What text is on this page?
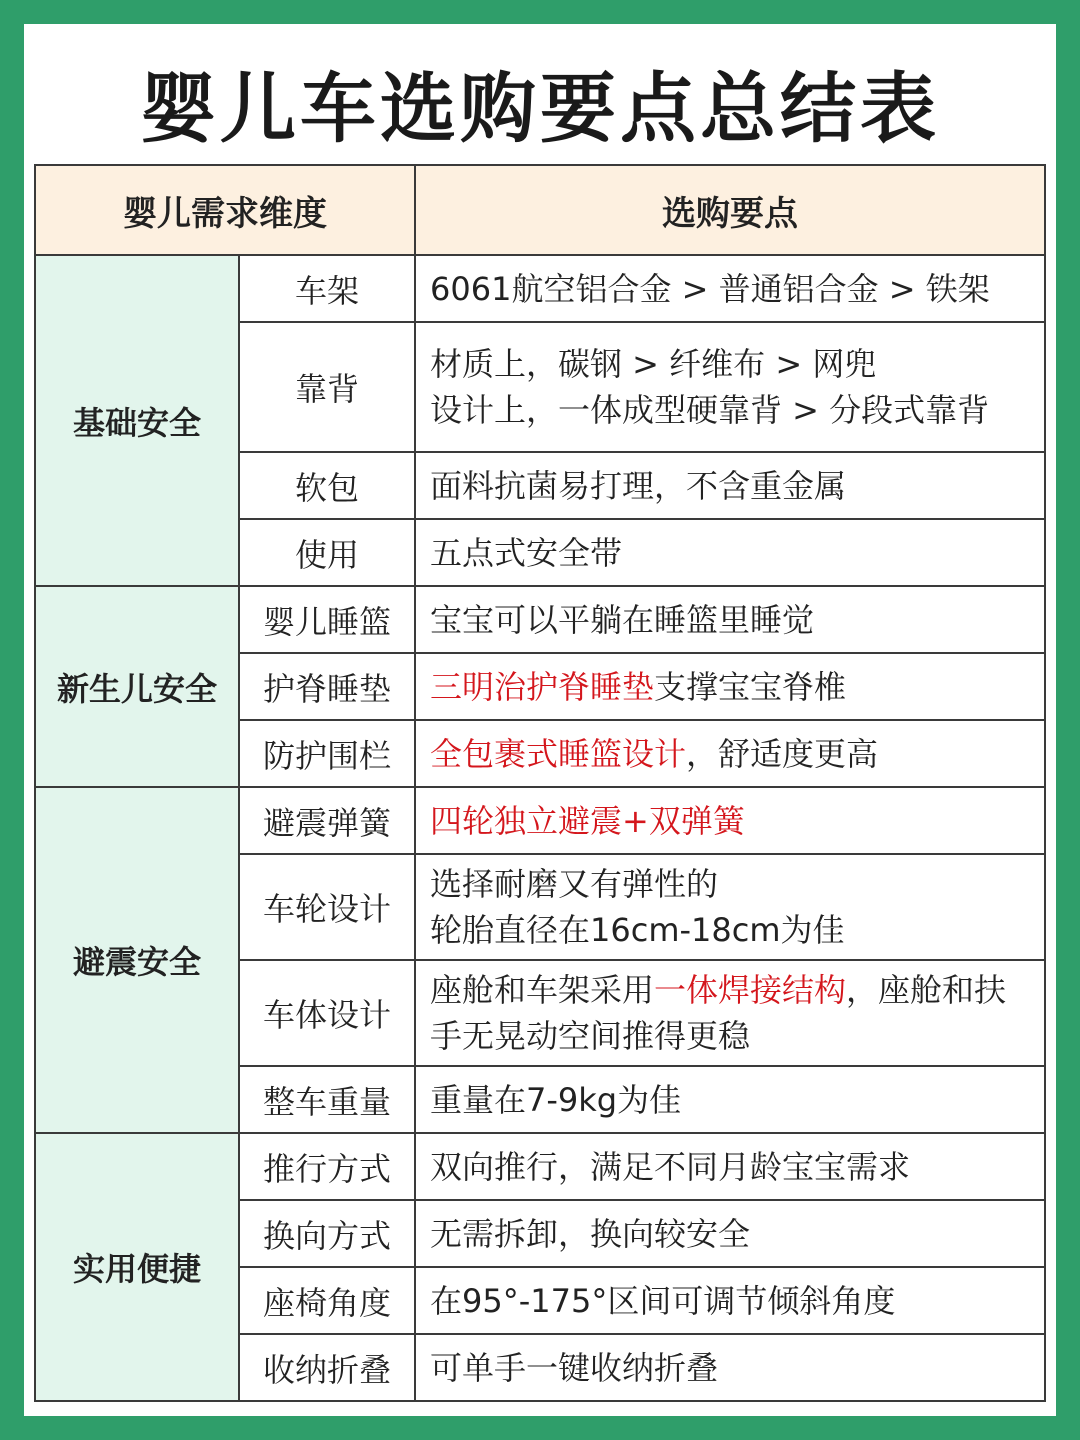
婴儿车选购要点总结表
婴儿需求维度		选购要点
基础安全	车架	6061航空铝合金 > 普通铝合金 > 铁架

	靠背	材质上，碳钢 > 纤维布 > 网兜
设计上，一体成型硬靠背 > 分段式靠背

	软包	面料抗菌易打理，不含重金属

	使用	五点式安全带

新生儿安全	婴儿睡篮	宝宝可以平躺在睡篮里睡觉

	护脊睡垫	三明治护脊睡垫支撑宝宝脊椎

	防护围栏	全包裹式睡篮设计，舒适度更高

避震安全	避震弹簧	四轮独立避震+双弹簧

	车轮设计	选择耐磨又有弹性的
轮胎直径在16cm-18cm为佳

	车体设计	座舱和车架采用一体焊接结构，座舱和扶
手无晃动空间推得更稳

	整车重量	重量在7-9kg为佳

实用便捷	推行方式	双向推行，满足不同月龄宝宝需求

	换向方式	无需拆卸，换向较安全

	座椅角度	在95°-175°区间可调节倾斜角度

	收纳折叠	可单手一键收纳折叠
